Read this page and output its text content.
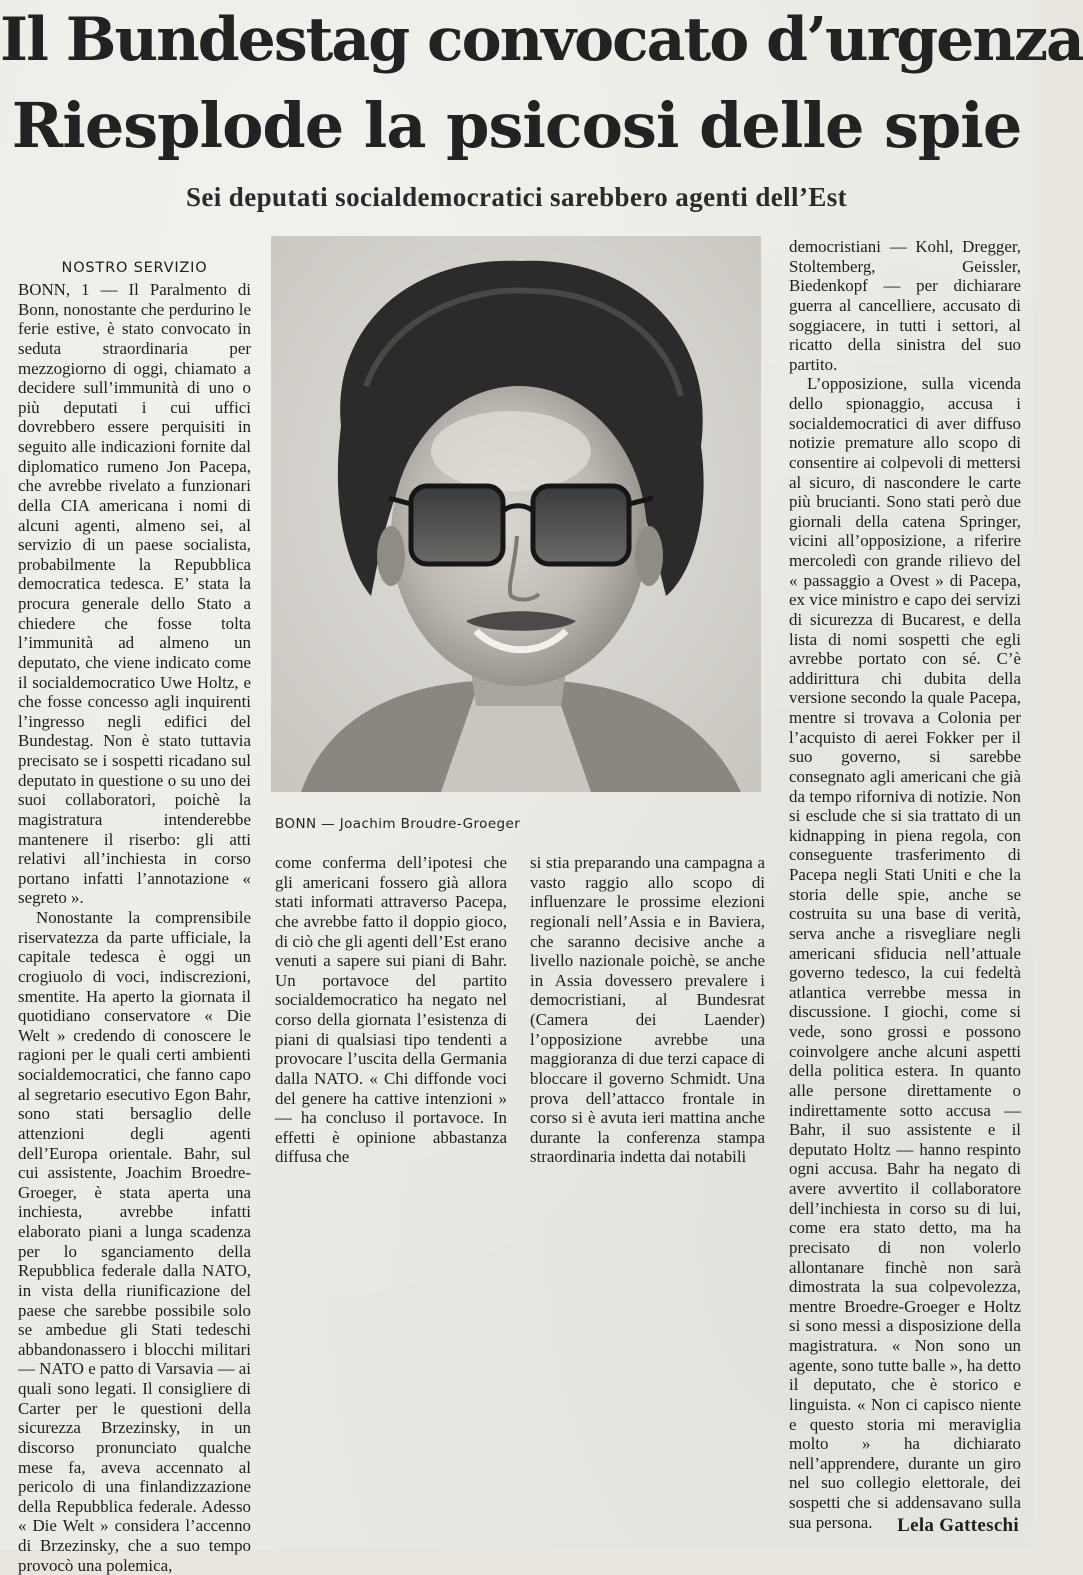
Il Bundestag convocato d’urgenza
Riesplode la psicosi delle spie
Sei deputati socialdemocratici sarebbero agenti dell’Est
NOSTRO SERVIZIO

BONN, 1 — Il Paralmento di Bonn, nonostante che perdurino le ferie estive, è stato convocato in seduta straordinaria per mezzogiorno di oggi, chiamato a decidere sull’immunità di uno o più deputati i cui uffici dovrebbero essere perquisiti in seguito alle indicazioni fornite dal diplomatico rumeno Jon Pacepa, che avrebbe rivelato a funzionari della CIA americana i nomi di alcuni agenti, almeno sei, al servizio di un paese socialista, probabilmente la Repubblica democratica tedesca. E’ stata la procura generale dello Stato a chiedere che fosse tolta l’immunità ad almeno un deputato, che viene indicato come il socialdemocratico Uwe Holtz, e che fosse concesso agli inquirenti l’ingresso negli edifici del Bundestag. Non è stato tuttavia precisato se i sospetti ricadano sul deputato in questione o su uno dei suoi collaboratori, poichè la magistratura intenderebbe mantenere il riserbo: gli atti relativi all’inchiesta in corso portano infatti l’annotazione « segreto ».

Nonostante la comprensibile riservatezza da parte ufficiale, la capitale tedesca è oggi un crogiuolo di voci, indiscrezioni, smentite. Ha aperto la giornata il quotidiano conservatore « Die Welt » credendo di conoscere le ragioni per le quali certi ambienti socialdemocratici, che fanno capo al segretario esecutivo Egon Bahr, sono stati bersaglio delle attenzioni degli agenti dell’Europa orientale. Bahr, sul cui assistente, Joachim Broedre-Groeger, è stata aperta una inchiesta, avrebbe infatti elaborato piani a lunga scadenza per lo sganciamento della Repubblica federale dalla NATO, in vista della riunificazione del paese che sarebbe possibile solo se ambedue gli Stati tedeschi abbandonassero i blocchi militari — NATO e patto di Varsavia — ai quali sono legati. Il consigliere di Carter per le questioni della sicurezza Brzezinsky, in un discorso pronunciato qualche mese fa, aveva accennato al pericolo di una finlandizzazione della Repubblica federale. Adesso « Die Welt » considera l’accenno di Brzezinsky, che a suo tempo provocò una polemica,

BONN — Joachim Broudre-Groeger

come conferma dell’ipotesi che gli americani fossero già allora stati informati attraverso Pacepa, che avrebbe fatto il doppio gioco, di ciò che gli agenti dell’Est erano venuti a sapere sui piani di Bahr. Un portavoce del partito socialdemocratico ha negato nel corso della giornata l’esistenza di piani di qualsiasi tipo tendenti a provocare l’uscita della Germania dalla NATO. « Chi diffonde voci del genere ha cattive intenzioni » — ha concluso il portavoce. In effetti è opinione abbastanza diffusa che

si stia preparando una campagna a vasto raggio allo scopo di influenzare le prossime elezioni regionali nell’Assia e in Baviera, che saranno decisive anche a livello nazionale poichè, se anche in Assia dovessero prevalere i democristiani, al Bundesrat (Camera dei Laender) l’opposizione avrebbe una maggioranza di due terzi capace di bloccare il governo Schmidt. Una prova dell’attacco frontale in corso si è avuta ieri mattina anche durante la conferenza stampa straordinaria indetta dai notabili

democristiani — Kohl, Dregger, Stoltemberg, Geissler, Biedenkopf — per dichiarare guerra al cancelliere, accusato di soggiacere, in tutti i settori, al ricatto della sinistra del suo partito.

L’opposizione, sulla vicenda dello spionaggio, accusa i socialdemocratici di aver diffuso notizie premature allo scopo di consentire ai colpevoli di mettersi al sicuro, di nascondere le carte più brucianti. Sono stati però due giornali della catena Springer, vicini all’opposizione, a riferire mercoledì con grande rilievo del « passaggio a Ovest » di Pacepa, ex vice ministro e capo dei servizi di sicurezza di Bucarest, e della lista di nomi sospetti che egli avrebbe portato con sé. C’è addirittura chi dubita della versione secondo la quale Pacepa, mentre si trovava a Colonia per l’acquisto di aerei Fokker per il suo governo, si sarebbe consegnato agli americani che già da tempo riforniva di notizie. Non si esclude che si sia trattato di un kidnapping in piena regola, con conseguente trasferimento di Pacepa negli Stati Uniti e che la storia delle spie, anche se costruita su una base di verità, serva anche a risvegliare negli americani sfiducia nell’attuale governo tedesco, la cui fedeltà atlantica verrebbe messa in discussione. I giochi, come si vede, sono grossi e possono coinvolgere anche alcuni aspetti della politica estera. In quanto alle persone direttamente o indirettamente sotto accusa — Bahr, il suo assistente e il deputato Holtz — hanno respinto ogni accusa. Bahr ha negato di avere avvertito il collaboratore dell’inchiesta in corso su di lui, come era stato detto, ma ha precisato di non volerlo allontanare finchè non sarà dimostrata la sua colpevolezza, mentre Broedre-Groeger e Holtz si sono messi a disposizione della magistratura. « Non sono un agente, sono tutte balle », ha detto il deputato, che è storico e linguista. « Non ci capisco niente e questo storia mi meraviglia molto » ha dichiarato nell’apprendere, durante un giro nel suo collegio elettorale, dei sospetti che si addensavano sulla sua persona.	Lela Gatteschi
